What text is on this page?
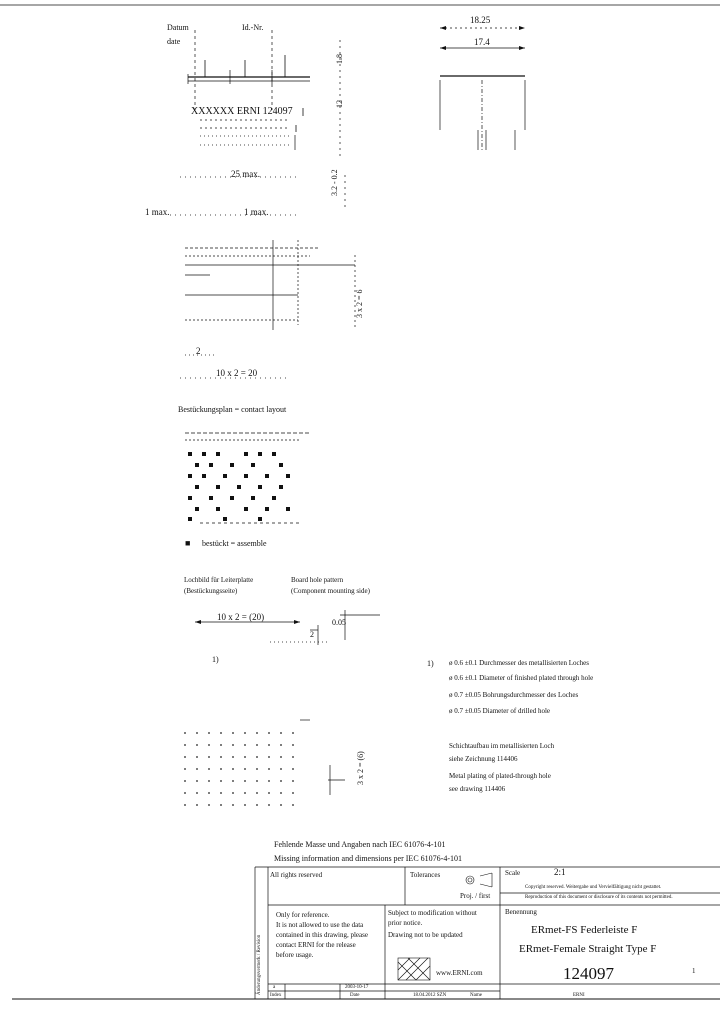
Datum
date
Id.-Nr.
XXXXXX ERNI 124097
25 max.
1 max.	1 max.
1.8
12
3.2 - 0.2
18.25
17.4
2
10 x 2 = 20
3 x 2 = 6
Bestückungsplan = contact layout
■ bestückt = assemble
Lochbild für Leiterplatte
(Bestückungsseite)
Board hole pattern
(Component mounting side)
10 x 2 = (20)
0.05
2
1)
3 x 2 = (6)
1) ø 0.6 ±0.1 Durchmesser des metallisierten Loches
ø 0.6 ±0.1 Diameter of finished plated through hole
ø 0.7 ±0.05 Bohrungsdurchmesser des Loches
ø 0.7 ±0.05 Diameter of drilled hole
Schichtaufbau im metallisierten Loch
siehe Zeichnung 114406
Metal plating of plated-through hole
see drawing 114406
Fehlende Masse und Angaben nach IEC 61076-4-101
Missing information and dimensions per IEC 61076-4-101
All rights reserved	Tolerances
Proj. / first
Scale	2:1
Copyright reserved. Weitergabe und Vervielfältigung nicht gestattet.
Reproduction of this document or disclosure of its contents not permitted.
Only for reference.
It is not allowed to use the data
contained in this drawing, please
contact ERNI for the release
before usage.
Subject to modification without
prior notice.
Drawing not to be updated
Benennung
ERmet-FS Federleiste F
ERmet-Female Straight Type F
124097	1
www.ERNI.com
Änderungsvermerk / Revision a
Index
2003-10-17
Date	18.04.2012 SZN	Name	ERNI
